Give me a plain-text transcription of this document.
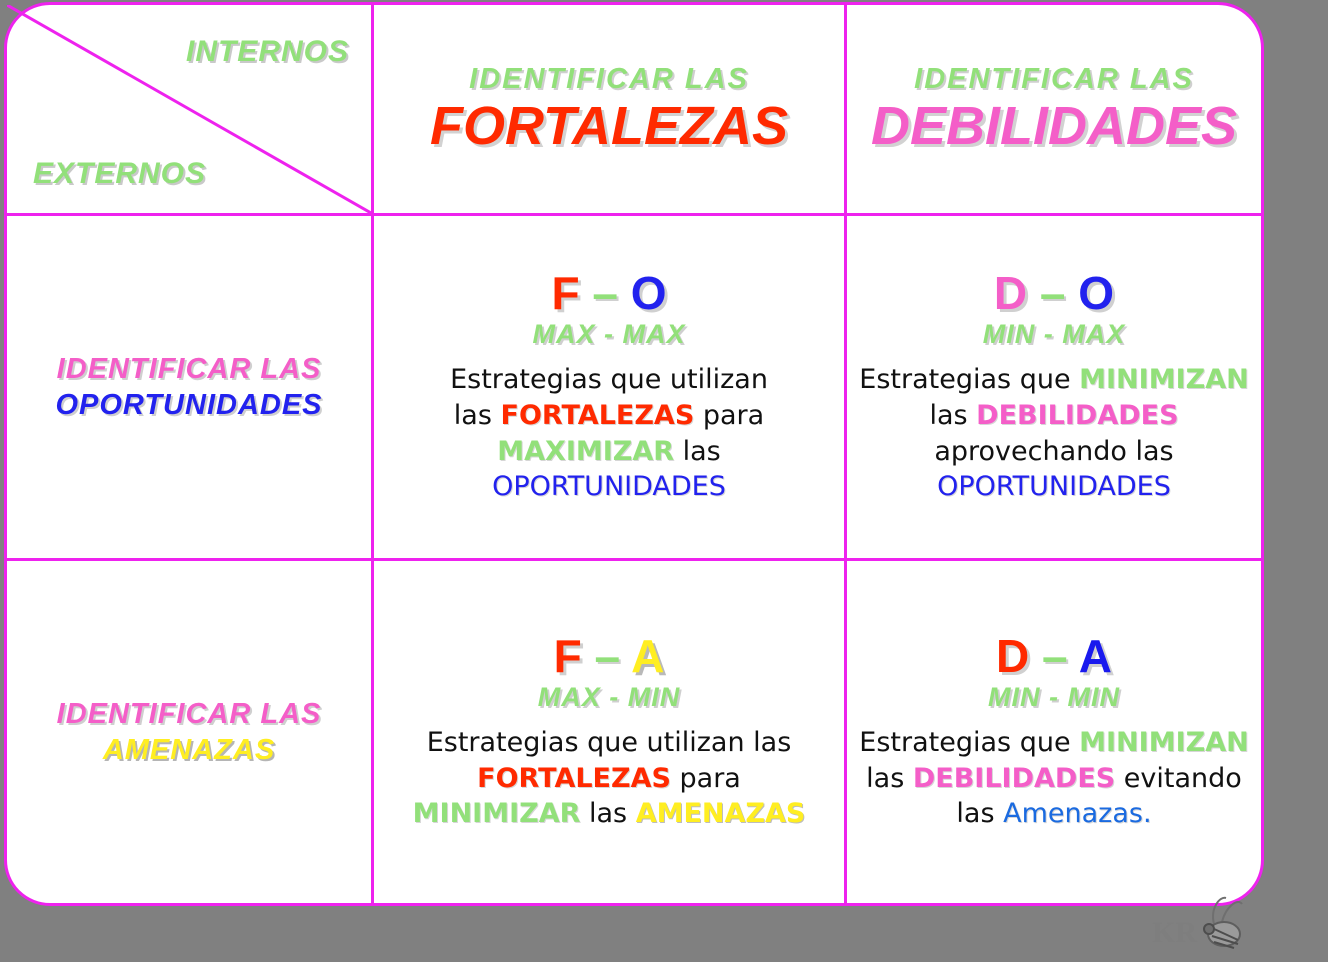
INTERNOS
EXTERNOS
IDENTIFICAR LAS
FORTALEZAS
IDENTIFICAR LAS
DEBILIDADES
IDENTIFICAR LAS
OPORTUNIDADES
F – O
MAX - MAX
Estrategias que utilizan
las FORTALEZAS para
MAXIMIZAR las
OPORTUNIDADES
D – O
MIN - MAX
Estrategias que MINIMIZAN
las DEBILIDADES
aprovechando las
OPORTUNIDADES
IDENTIFICAR LAS
AMENAZAS
F – A
MAX - MIN
Estrategias que utilizan las
FORTALEZAS para
MINIMIZAR las AMENAZAS
D – A
MIN - MIN
Estrategias que MINIMIZAN
las DEBILIDADES evitando
las Amenazas.
KR
